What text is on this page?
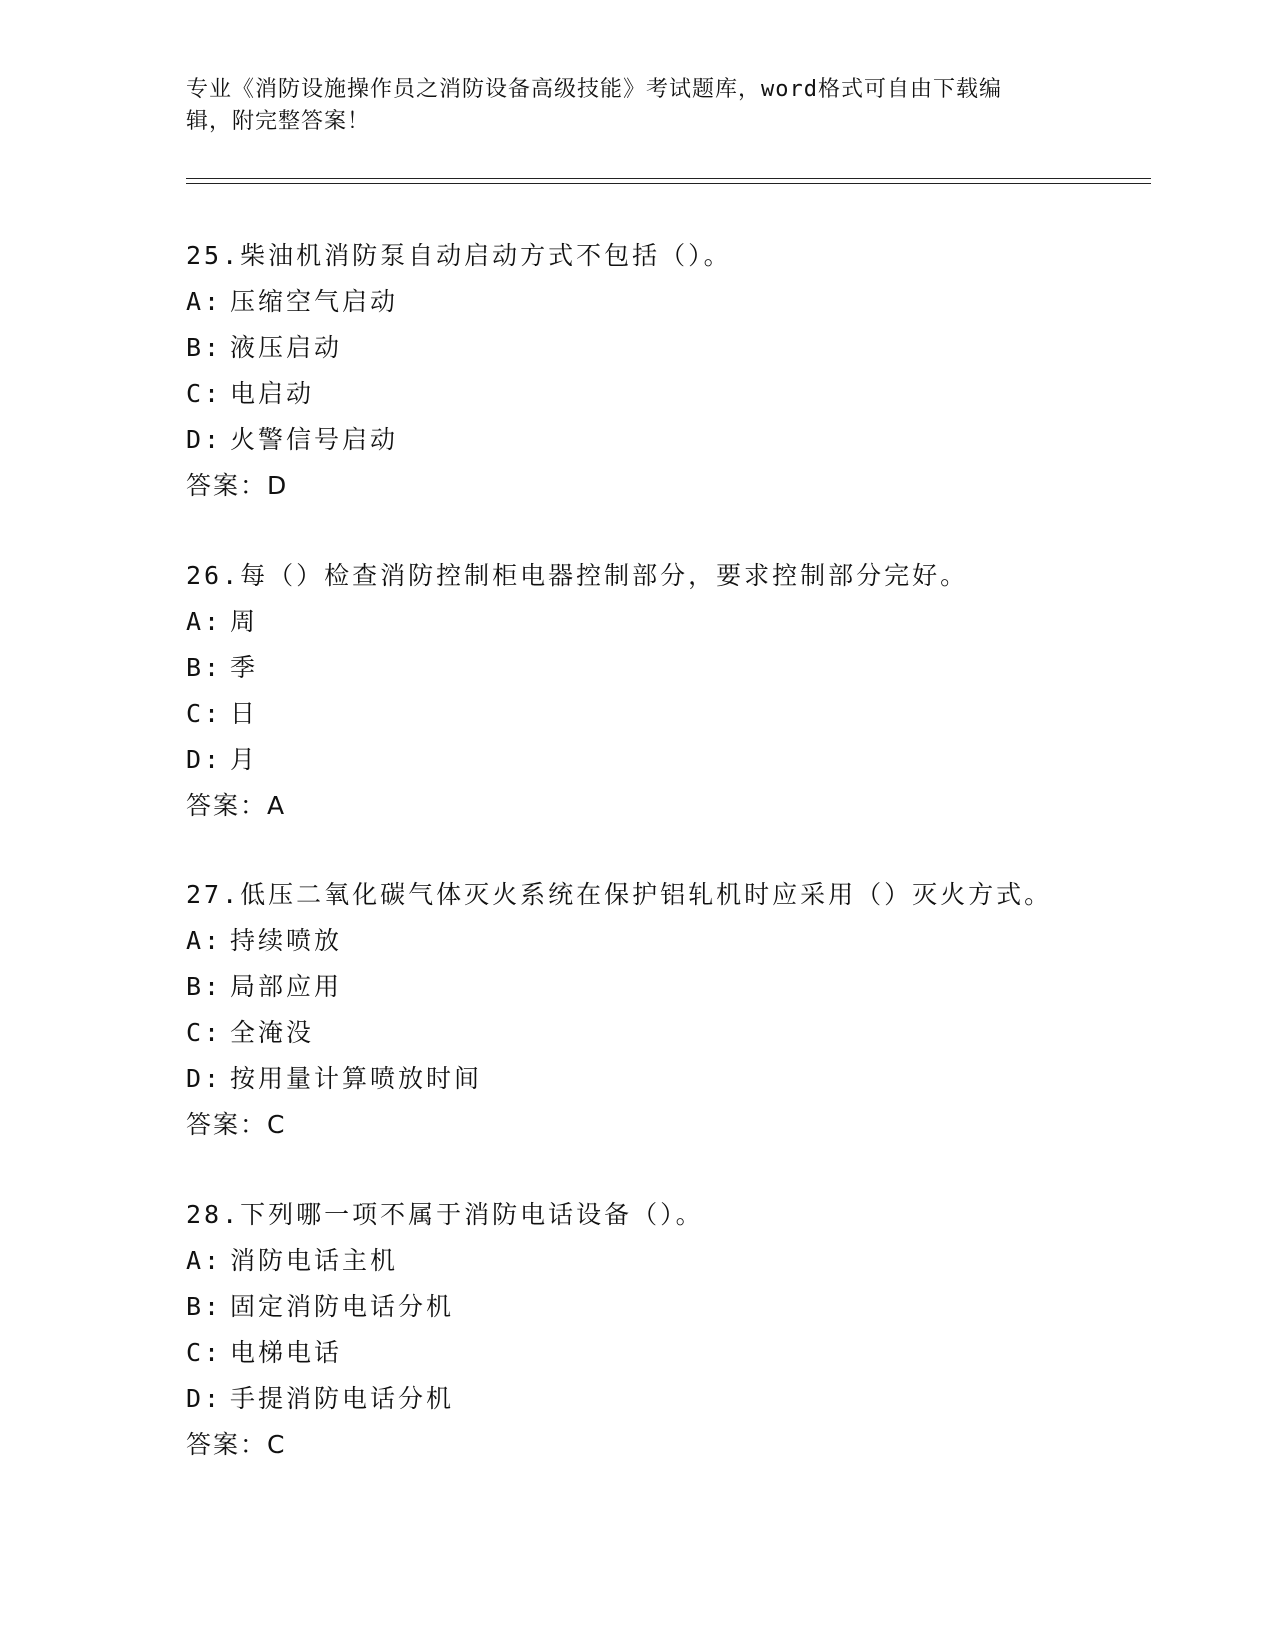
专业《消防设施操作员之消防设备高级技能》考试题库，word格式可自由下载编
辑，附完整答案！
25.柴油机消防泵自动启动方式不包括（）。
A: 压缩空气启动
B: 液压启动
C: 电启动
D: 火警信号启动
答案：D
26.每（）检查消防控制柜电器控制部分，要求控制部分完好。
A: 周
B: 季
C: 日
D: 月
答案：A
27.低压二氧化碳气体灭火系统在保护铝轧机时应采用（）灭火方式。
A: 持续喷放
B: 局部应用
C: 全淹没
D: 按用量计算喷放时间
答案：C
28.下列哪一项不属于消防电话设备（）。
A: 消防电话主机
B: 固定消防电话分机
C: 电梯电话
D: 手提消防电话分机
答案：C
